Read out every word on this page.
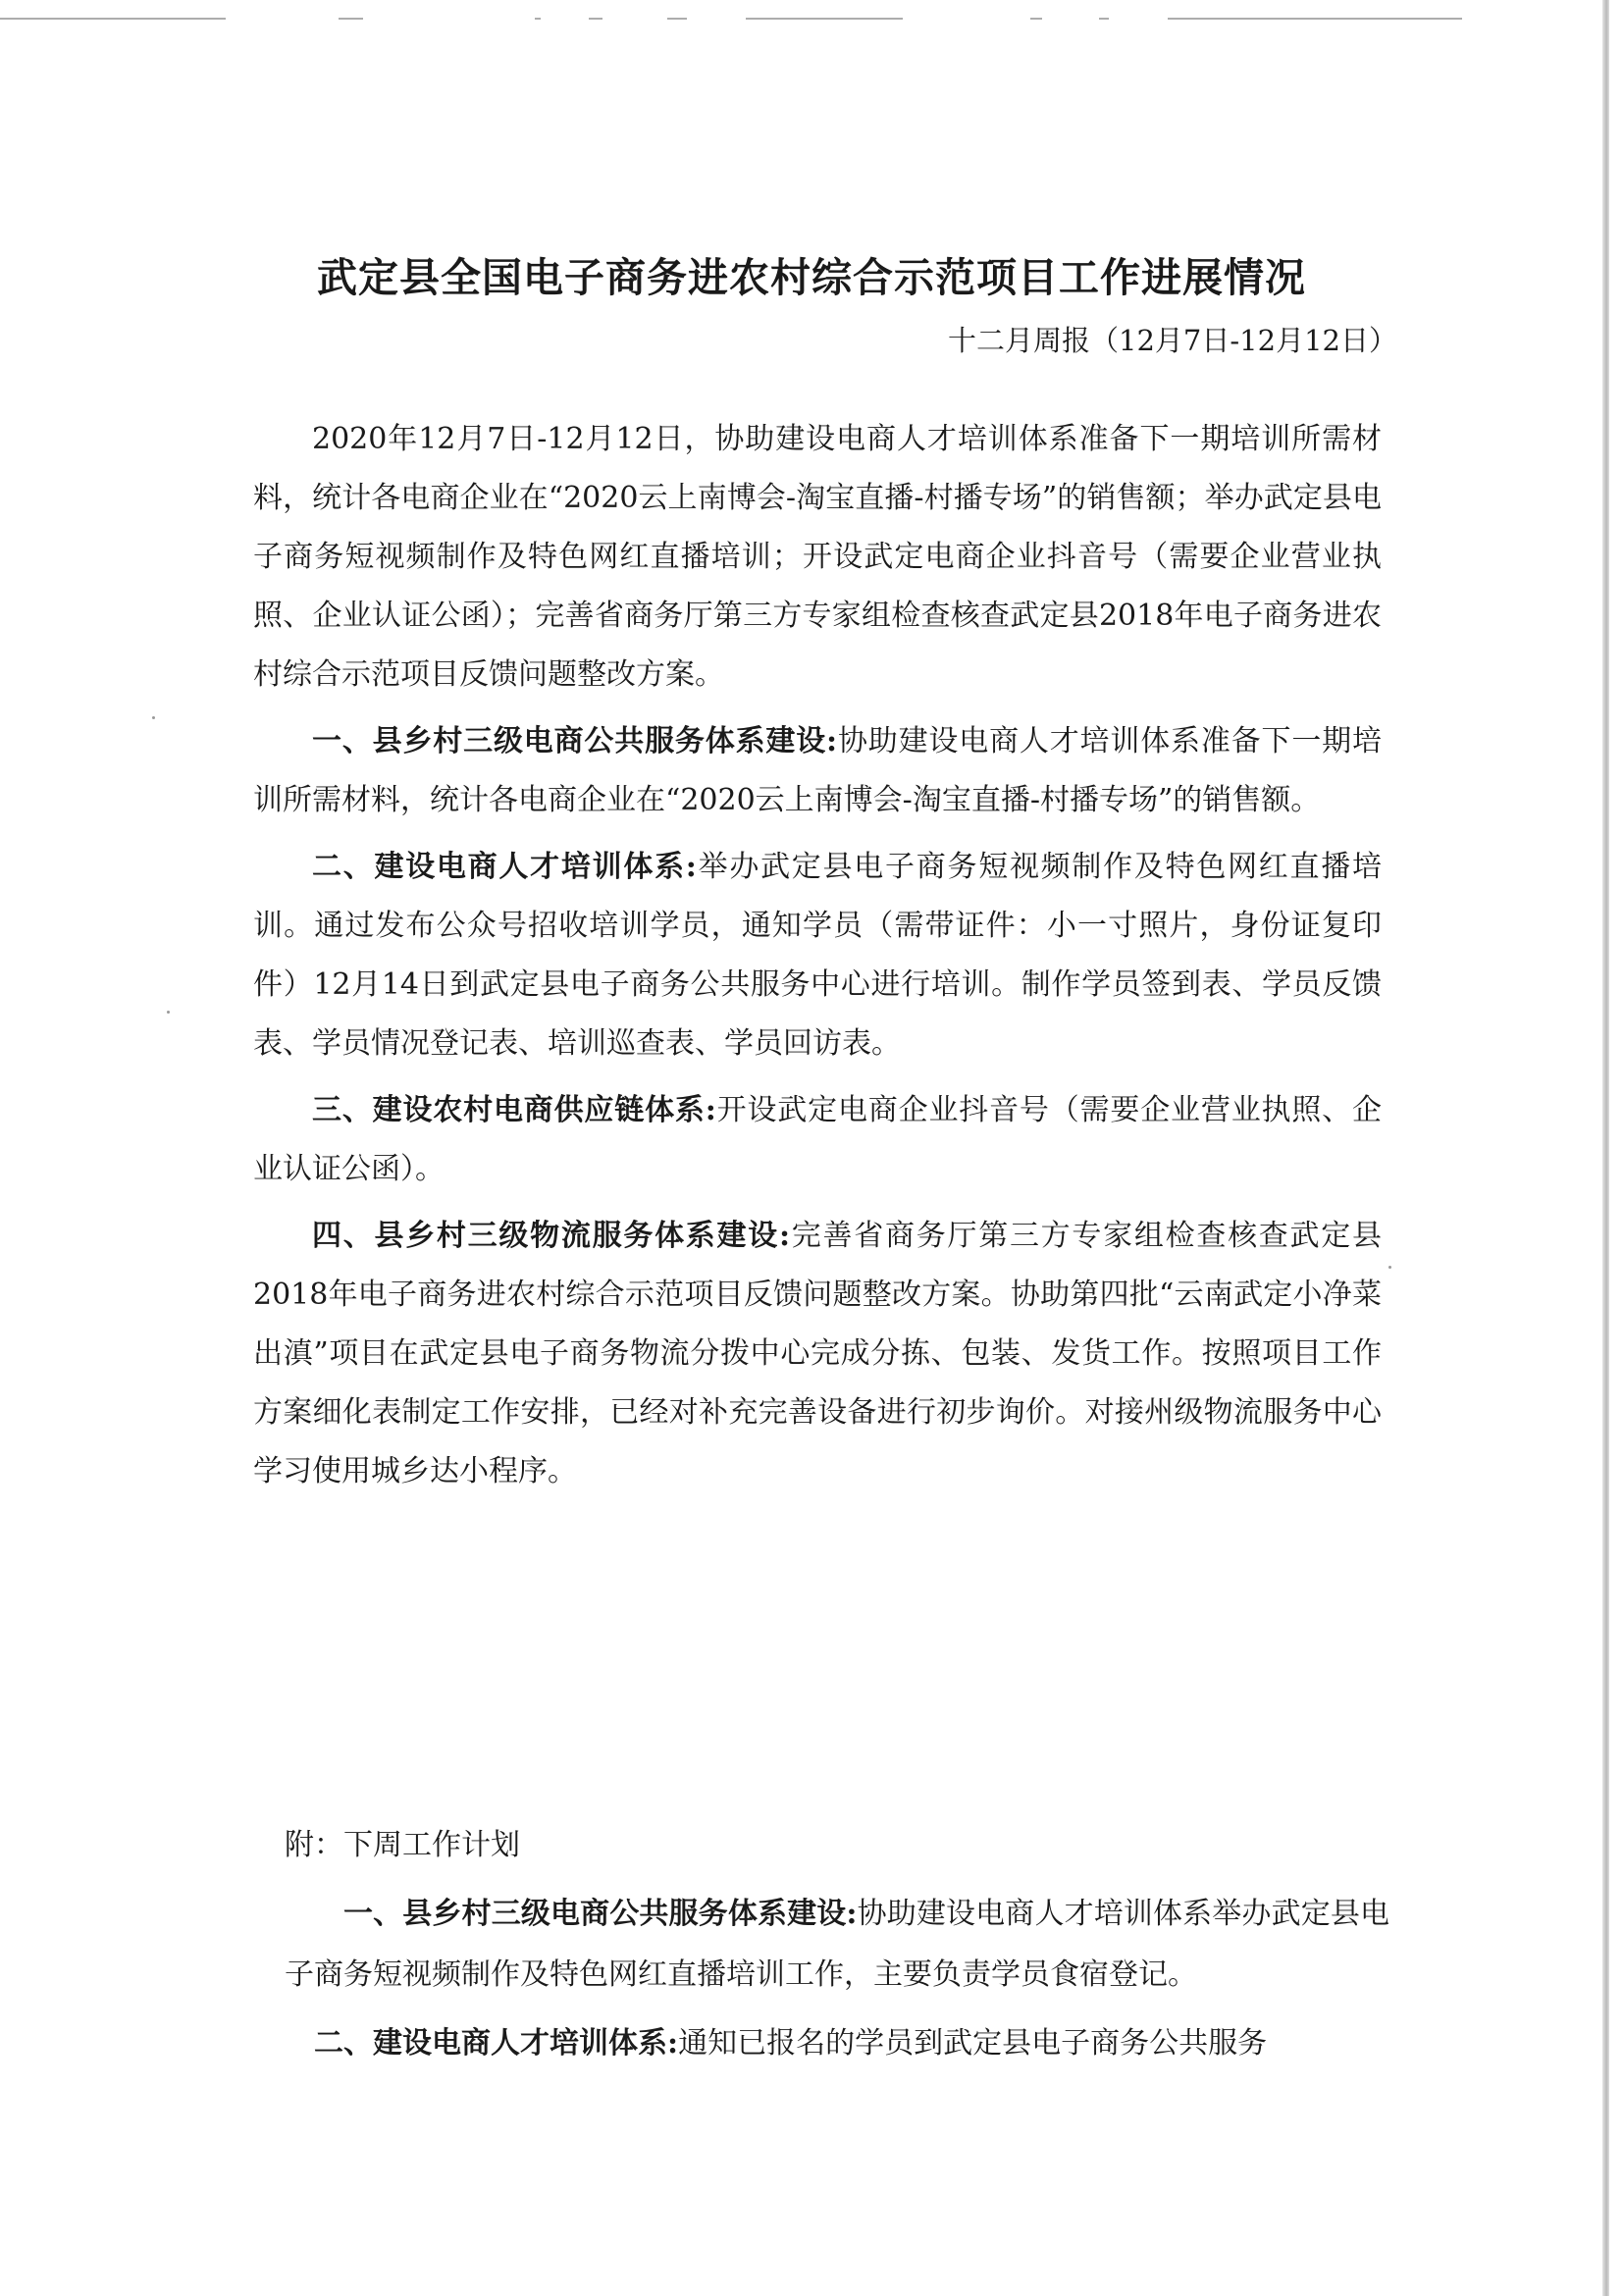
武定县全国电子商务进农村综合示范项目工作进展情况
十二月周报（12月7日-12月12日）

2020年12月7日-12月12日，协助建设电商人才培训体系准备下一期培训所需材料，统计各电商企业在“2020云上南博会-淘宝直播-村播专场”的销售额；举办武定县电子商务短视频制作及特色网红直播培训；开设武定电商企业抖音号（需要企业营业执照、企业认证公函）；完善省商务厅第三方专家组检查核查武定县2018年电子商务进农村综合示范项目反馈问题整改方案。

一、县乡村三级电商公共服务体系建设:协助建设电商人才培训体系准备下一期培训所需材料，统计各电商企业在“2020云上南博会-淘宝直播-村播专场”的销售额。

二、建设电商人才培训体系:举办武定县电子商务短视频制作及特色网红直播培训。通过发布公众号招收培训学员，通知学员（需带证件：小一寸照片，身份证复印件）12月14日到武定县电子商务公共服务中心进行培训。制作学员签到表、学员反馈表、学员情况登记表、培训巡查表、学员回访表。

三、建设农村电商供应链体系:开设武定电商企业抖音号（需要企业营业执照、企业认证公函）。

四、县乡村三级物流服务体系建设:完善省商务厅第三方专家组检查核查武定县2018年电子商务进农村综合示范项目反馈问题整改方案。协助第四批“云南武定小净菜出滇”项目在武定县电子商务物流分拨中心完成分拣、包装、发货工作。按照项目工作方案细化表制定工作安排，已经对补充完善设备进行初步询价。对接州级物流服务中心学习使用城乡达小程序。

附：下周工作计划

一、县乡村三级电商公共服务体系建设:协助建设电商人才培训体系举办武定县电子商务短视频制作及特色网红直播培训工作，主要负责学员食宿登记。

二、建设电商人才培训体系:通知已报名的学员到武定县电子商务公共服务
